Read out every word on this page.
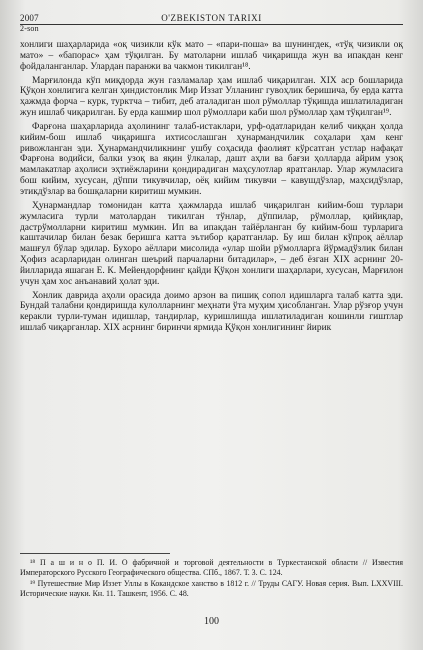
2007
2-son
O'ZBEKISTON TARIXI

хонлиги шаҳарларида «оқ чизикли кўк мато – «пари-поша» ва шунингдек, «тўқ чизикли оқ мато» – «бапорас» ҳам тўқилган. Бу матоларни ишлаб чиқаришда жун ва ипакдан кенг фойдаланганлар. Улардан паранжи ва чакмон тикилган¹⁸.

Марғилонда кўп миқдорда жун газламалар ҳам ишлаб чиқарилган. XIX аср бошларида Қўқон хонлигига келган ҳиндистонлик Мир Иззат Улланинг гувоҳлик беришича, бу ерда катта ҳажмда форча – курк, турктча – тибит, деб аталадиган шол рўмоллар тўқишда ишлатиладиган жун ишлаб чиқарилган. Бу ерда кашмир шол рўмоллари каби шол рўмоллар ҳам тўқилган¹⁹.

Фарғона шаҳарларида аҳолининг талаб-истаклари, урф-одатларидан келиб чиққан ҳолда кийим-бош ишлаб чиқаришга ихтисослашган ҳунармандчилик соҳалари ҳам кенг ривожланган эди. Ҳунармандчиликнинг ушбу соҳасида фаолият кўрсатган устлар нафақат Фарғона водийси, балки узоқ ва яқин ўлкалар, дашт аҳли ва бағзи ҳолларда айрим узоқ мамлакатлар аҳолиси эҳтиёжларини қондирадиган маҳсулотлар яратганлар. Улар жумласига бош кийим, хусусан, дўппи тикувчилар, оёқ кийим тикувчи – кавушдўзлар, маҳсидўзлар, этикдўзлар ва бошқаларни киритиш мумкин.

Ҳунармандлар томонидан катта ҳажмларда ишлаб чиқарилган кийим-бош турлари жумласига турли матолардан тикилган тўнлар, дўппилар, рўмоллар, қийиқлар, дастрўмолларни киритиш мумкин. Ип ва ипакдан тайёрланган бу кийим-бош турларига каштачилар билан безак беришга катта эътибор қаратганлар. Бу иш билан кўпроқ аёллар машғул бўлар эдилар. Бухоро аёллари мисолида «улар шойи рўмолларга йўрмадўзлик билан Ҳофиз асарларидан олинган шеърий парчаларни битадилар», – деб ёзган XIX асрнинг 20-йилларида яшаган Е. К. Мейендорфнинг қайди Қўқон хонлиги шаҳарлари, хусусан, Марғилон учун ҳам хос анъанавий ҳолат эди.

Хонлик даврида аҳоли орасида доимо арзон ва пишиқ сопол идишларга талаб катта эди. Бундай талабни қондиришда кулолларнинг меҳнати ўта муҳим ҳисобланган. Улар рўзғор учун керакли турли-туман идишлар, тандирлар, куришлишда ишлатиладиган кошинли гиштлар ишлаб чиқарганлар. XIX асрнинг биринчи ярмида Қўқон хонлигининг йирик

¹⁸ П а ш и н о П. И. О фабричной и торговой деятельности в Туркестанской области // Известия Императорского Русского Географического общества. СПб., 1867. Т. 3. С. 124.

¹⁹ Путешествие Мир Иззет Уллы в Кокандское ханство в 1812 г. // Труды САГУ. Новая серия. Вып. LXXVIII. Исторические науки. Кн. 11. Ташкент, 1956. С. 48.

100
